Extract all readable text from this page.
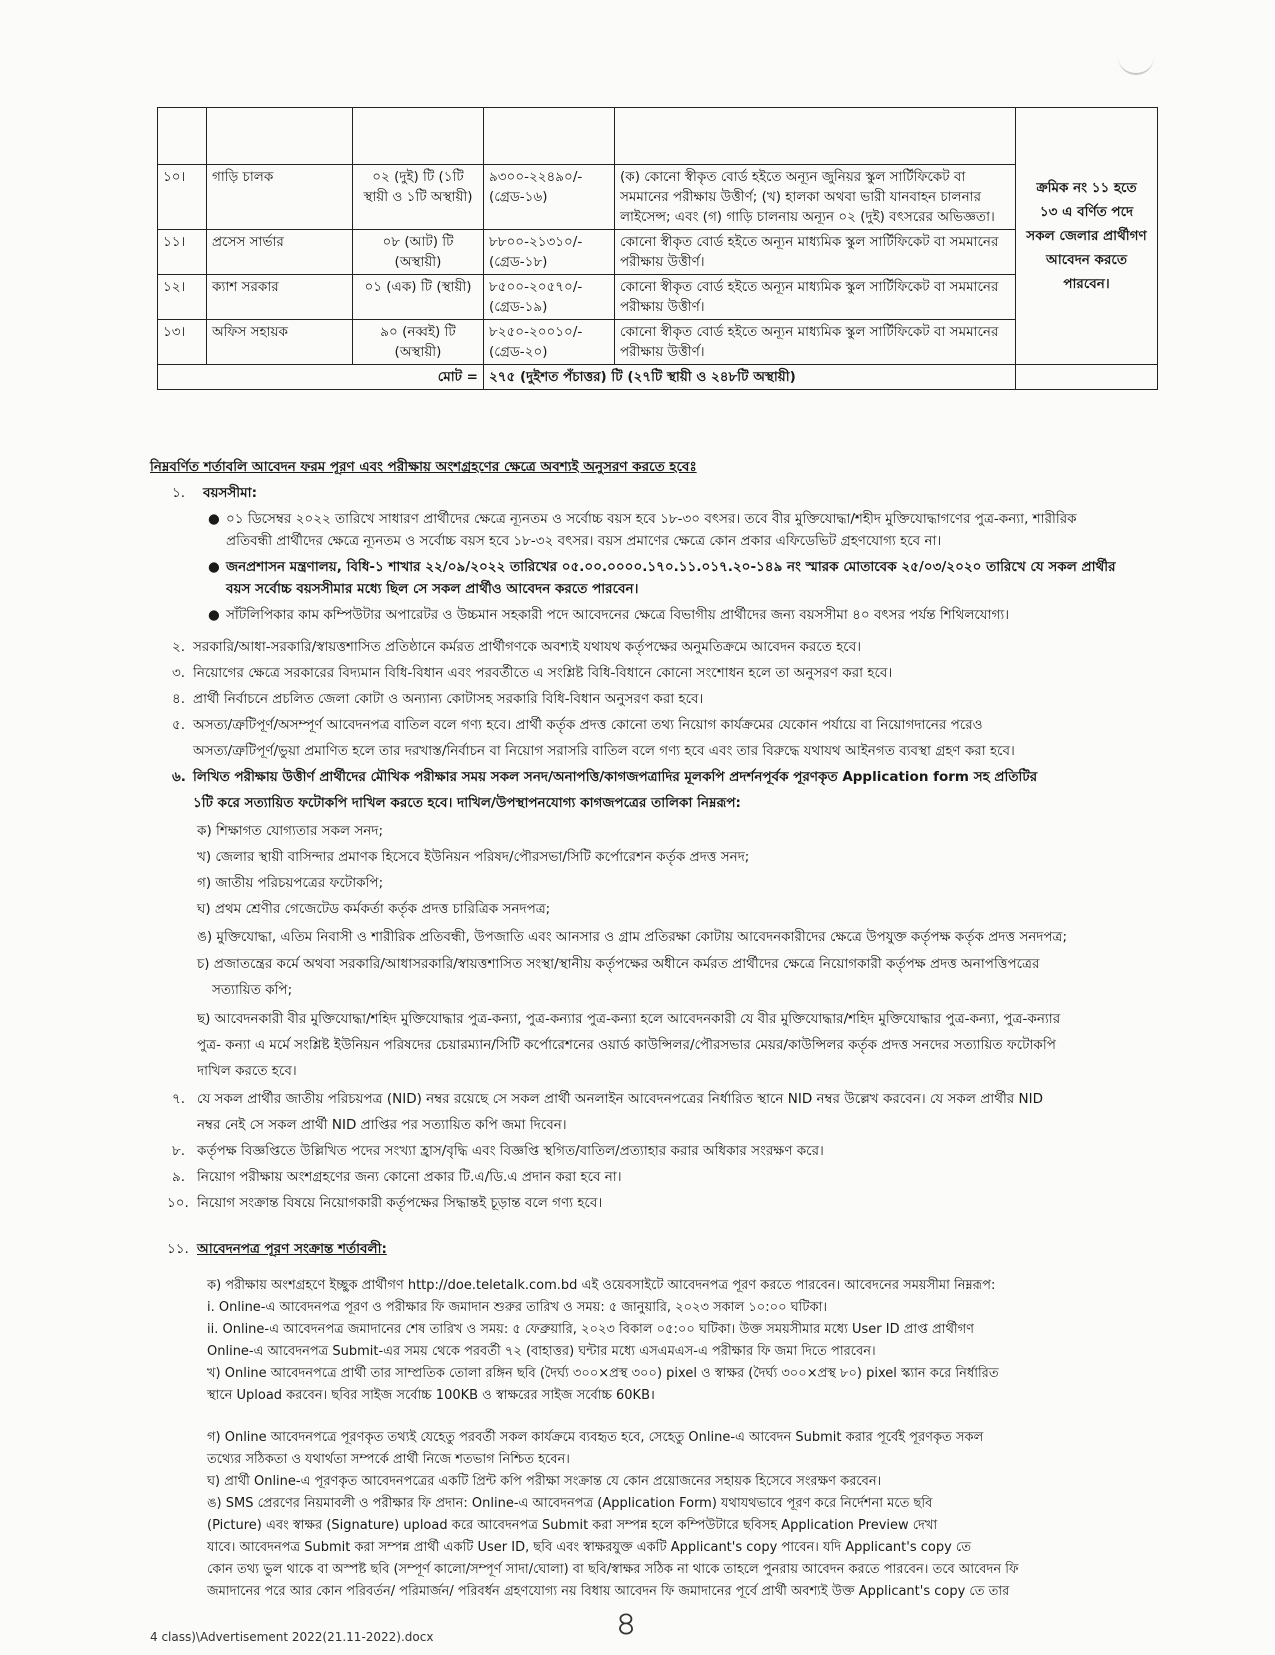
					ক্রমিক নং ১১ হতে ১৩ এ বর্ণিত পদে সকল জেলার প্রার্থীগণ আবেদন করতে পারবেন।
১০।	গাড়ি চালক	০২ (দুই) টি (১টি স্থায়ী ও ১টি অস্থায়ী)	৯৩০০-২২৪৯০/- (গ্রেড-১৬)	(ক) কোনো স্বীকৃত বোর্ড হইতে অন্যূন জুনিয়র স্কুল সার্টিফিকেট বা সমমানের পরীক্ষায় উত্তীর্ণ; (খ) হালকা অথবা ভারী যানবাহন চালনার লাইসেন্স; এবং (গ) গাড়ি চালনায় অন্যূন ০২ (দুই) বৎসরের অভিজ্ঞতা।	
১১।	প্রসেস সার্ভার	০৮ (আট) টি (অস্থায়ী)	৮৮০০-২১৩১০/- (গ্রেড-১৮)	কোনো স্বীকৃত বোর্ড হইতে অন্যূন মাধ্যমিক স্কুল সার্টিফিকেট বা সমমানের পরীক্ষায় উত্তীর্ণ।	
১২।	ক্যাশ সরকার	০১ (এক) টি (স্থায়ী)	৮৫০০-২০৫৭০/- (গ্রেড-১৯)	কোনো স্বীকৃত বোর্ড হইতে অন্যূন মাধ্যমিক স্কুল সার্টিফিকেট বা সমমানের পরীক্ষায় উত্তীর্ণ।	
১৩।	অফিস সহায়ক	৯০ (নব্বই) টি (অস্থায়ী)	৮২৫০-২০০১০/- (গ্রেড-২০)	কোনো স্বীকৃত বোর্ড হইতে অন্যূন মাধ্যমিক স্কুল সার্টিফিকেট বা সমমানের পরীক্ষায় উত্তীর্ণ।	
মোট =			২৭৫ (দুইশত পঁচাত্তর) টি (২৭টি স্থায়ী ও ২৪৮টি অস্থায়ী)		
নিম্নবর্ণিত শর্তাবলি আবেদন ফরম পূরণ এবং পরীক্ষায় অংশগ্রহণের ক্ষেত্রে অবশ্যই অনুসরণ করতে হবেঃ
১. বয়সসীমা:
● ০১ ডিসেম্বর ২০২২ তারিখে সাধারণ প্রার্থীদের ক্ষেত্রে ন্যূনতম ও সর্বোচ্চ বয়স হবে ১৮-৩০ বৎসর। তবে বীর মুক্তিযোদ্ধা/শহীদ মুক্তিযোদ্ধাগণের পুত্র-কন্যা, শারীরিক
প্রতিবন্ধী প্রার্থীদের ক্ষেত্রে ন্যূনতম ও সর্বোচ্চ বয়স হবে ১৮-৩২ বৎসর। বয়স প্রমাণের ক্ষেত্রে কোন প্রকার এফিডেভিট গ্রহণযোগ্য হবে না।
● জনপ্রশাসন মন্ত্রণালয়, বিধি-১ শাখার ২২/০৯/২০২২ তারিখের ০৫.০০.০০০০.১৭০.১১.০১৭.২০-১৪৯ নং স্মারক মোতাবেক ২৫/০৩/২০২০ তারিখে যে সকল প্রার্থীর
বয়স সর্বোচ্চ বয়সসীমার মধ্যে ছিল সে সকল প্রার্থীও আবেদন করতে পারবেন।
● সাঁটলিপিকার কাম কম্পিউটার অপারেটর ও উচ্চমান সহকারী পদে আবেদনের ক্ষেত্রে বিভাগীয় প্রার্থীদের জন্য বয়সসীমা ৪০ বৎসর পর্যন্ত শিথিলযোগ্য।
২. সরকারি/আধা-সরকারি/স্বায়ত্তশাসিত প্রতিষ্ঠানে কর্মরত প্রার্থীগণকে অবশ্যই যথাযথ কর্তৃপক্ষের অনুমতিক্রমে আবেদন করতে হবে।
৩. নিয়োগের ক্ষেত্রে সরকারের বিদ্যমান বিধি-বিধান এবং পরবর্তীতে এ সংশ্লিষ্ট বিধি-বিধানে কোনো সংশোধন হলে তা অনুসরণ করা হবে।
৪. প্রার্থী নির্বাচনে প্রচলিত জেলা কোটা ও অন্যান্য কোটাসহ সরকারি বিধি-বিধান অনুসরণ করা হবে।
৫. অসত্য/ত্রুটিপূর্ণ/অসম্পূর্ণ আবেদনপত্র বাতিল বলে গণ্য হবে। প্রার্থী কর্তৃক প্রদত্ত কোনো তথ্য নিয়োগ কার্যক্রমের যেকোন পর্যায়ে বা নিয়োগদানের পরেও
অসত্য/ত্রুটিপূর্ণ/ভুয়া প্রমাণিত হলে তার দরখাস্ত/নির্বাচন বা নিয়োগ সরাসরি বাতিল বলে গণ্য হবে এবং তার বিরুদ্ধে যথাযথ আইনগত ব্যবস্থা গ্রহণ করা হবে।
৬. লিখিত পরীক্ষায় উত্তীর্ণ প্রার্থীদের মৌখিক পরীক্ষার সময় সকল সনদ/অনাপত্তি/কাগজপত্রাদির মূলকপি প্রদর্শনপূর্বক পূরণকৃত Application form সহ প্রতিটির
১টি করে সত্যায়িত ফটোকপি দাখিল করতে হবে। দাখিল/উপস্থাপনযোগ্য কাগজপত্রের তালিকা নিম্নরূপ:
ক) শিক্ষাগত যোগ্যতার সকল সনদ;
খ) জেলার স্থায়ী বাসিন্দার প্রমাণক হিসেবে ইউনিয়ন পরিষদ/পৌরসভা/সিটি কর্পোরেশন কর্তৃক প্রদত্ত সনদ;
গ) জাতীয় পরিচয়পত্রের ফটোকপি;
ঘ) প্রথম শ্রেণীর গেজেটেড কর্মকর্তা কর্তৃক প্রদত্ত চারিত্রিক সনদপত্র;
ঙ) মুক্তিযোদ্ধা, এতিম নিবাসী ও শারীরিক প্রতিবন্ধী, উপজাতি এবং আনসার ও গ্রাম প্রতিরক্ষা কোটায় আবেদনকারীদের ক্ষেত্রে উপযুক্ত কর্তৃপক্ষ কর্তৃক প্রদত্ত সনদপত্র;
চ) প্রজাতন্ত্রের কর্মে অথবা সরকারি/আধাসরকারি/স্বায়ত্তশাসিত সংস্থা/স্থানীয় কর্তৃপক্ষের অধীনে কর্মরত প্রার্থীদের ক্ষেত্রে নিয়োগকারী কর্তৃপক্ষ প্রদত্ত অনাপত্তিপত্রের
সত্যায়িত কপি;
ছ) আবেদনকারী বীর মুক্তিযোদ্ধা/শহিদ মুক্তিযোদ্ধার পুত্র-কন্যা, পুত্র-কন্যার পুত্র-কন্যা হলে আবেদনকারী যে বীর মুক্তিযোদ্ধার/শহিদ মুক্তিযোদ্ধার পুত্র-কন্যা, পুত্র-কন্যার
পুত্র- কন্যা এ মর্মে সংশ্লিষ্ট ইউনিয়ন পরিষদের চেয়ারম্যান/সিটি কর্পোরেশনের ওয়ার্ড কাউন্সিলর/পৌরসভার মেয়র/কাউন্সিলর কর্তৃক প্রদত্ত সনদের সত্যায়িত ফটোকপি
দাখিল করতে হবে।
৭. যে সকল প্রার্থীর জাতীয় পরিচয়পত্র (NID) নম্বর রয়েছে সে সকল প্রার্থী অনলাইন আবেদনপত্রের নির্ধারিত স্থানে NID নম্বর উল্লেখ করবেন। যে সকল প্রার্থীর NID
নম্বর নেই সে সকল প্রার্থী NID প্রাপ্তির পর সত্যায়িত কপি জমা দিবেন।
৮. কর্তৃপক্ষ বিজ্ঞপ্তিতে উল্লিখিত পদের সংখ্যা হ্রাস/বৃদ্ধি এবং বিজ্ঞপ্তি স্থগিত/বাতিল/প্রত্যাহার করার অধিকার সংরক্ষণ করে।
৯. নিয়োগ পরীক্ষায় অংশগ্রহণের জন্য কোনো প্রকার টি.এ/ডি.এ প্রদান করা হবে না।
১০. নিয়োগ সংক্রান্ত বিষয়ে নিয়োগকারী কর্তৃপক্ষের সিদ্ধান্তই চূড়ান্ত বলে গণ্য হবে।
১১. আবেদনপত্র পূরণ সংক্রান্ত শর্তাবলী:
ক) পরীক্ষায় অংশগ্রহণে ইচ্ছুক প্রার্থীগণ http://doe.teletalk.com.bd এই ওয়েবসাইটে আবেদনপত্র পূরণ করতে পারবেন। আবেদনের সময়সীমা নিম্নরূপ:
i. Online-এ আবেদনপত্র পূরণ ও পরীক্ষার ফি জমাদান শুরুর তারিখ ও সময়: ৫ জানুয়ারি, ২০২৩ সকাল ১০:০০ ঘটিকা।
ii. Online-এ আবেদনপত্র জমাদানের শেষ তারিখ ও সময়: ৫ ফেব্রুয়ারি, ২০২৩ বিকাল ০৫:০০ ঘটিকা। উক্ত সময়সীমার মধ্যে User ID প্রাপ্ত প্রার্থীগণ
Online-এ আবেদনপত্র Submit-এর সময় থেকে পরবর্তী ৭২ (বাহাত্তর) ঘন্টার মধ্যে এসএমএস-এ পরীক্ষার ফি জমা দিতে পারবেন।
খ) Online আবেদনপত্রে প্রার্থী তার সাম্প্রতিক তোলা রঙ্গিন ছবি (দৈর্ঘ্য ৩০০×প্রস্থ ৩০০) pixel ও স্বাক্ষর (দৈর্ঘ্য ৩০০×প্রস্থ ৮০) pixel স্ক্যান করে নির্ধারিত
স্থানে Upload করবেন। ছবির সাইজ সর্বোচ্চ 100KB ও স্বাক্ষরের সাইজ সর্বোচ্চ 60KB।
গ) Online আবেদনপত্রে পূরণকৃত তথ্যই যেহেতু পরবর্তী সকল কার্যক্রমে ব্যবহৃত হবে, সেহেতু Online-এ আবেদন Submit করার পূর্বেই পূরণকৃত সকল
তথ্যের সঠিকতা ও যথার্থতা সম্পর্কে প্রার্থী নিজে শতভাগ নিশ্চিত হবেন।
ঘ) প্রার্থী Online-এ পূরণকৃত আবেদনপত্রের একটি প্রিন্ট কপি পরীক্ষা সংক্রান্ত যে কোন প্রয়োজনের সহায়ক হিসেবে সংরক্ষণ করবেন।
ঙ) SMS প্রেরণের নিয়মাবলী ও পরীক্ষার ফি প্রদান: Online-এ আবেদনপত্র (Application Form) যথাযথভাবে পূরণ করে নির্দেশনা মতে ছবি
(Picture) এবং স্বাক্ষর (Signature) upload করে আবেদনপত্র Submit করা সম্পন্ন হলে কম্পিউটারে ছবিসহ Application Preview দেখা
যাবে। আবেদনপত্র Submit করা সম্পন্ন প্রার্থী একটি User ID, ছবি এবং স্বাক্ষরযুক্ত একটি Applicant's copy পাবেন। যদি Applicant's copy তে
কোন তথ্য ভুল থাকে বা অস্পষ্ট ছবি (সম্পূর্ণ কালো/সম্পূর্ণ সাদা/ঘোলা) বা ছবি/স্বাক্ষর সঠিক না থাকে তাহলে পুনরায় আবেদন করতে পারবেন। তবে আবেদন ফি
জমাদানের পরে আর কোন পরিবর্তন/ পরিমার্জন/ পরিবর্ধন গ্রহণযোগ্য নয় বিধায় আবেদন ফি জমাদানের পূর্বে প্রার্থী অবশ্যই উক্ত Applicant's copy তে তার
৪
4 class)\Advertisement 2022(21.11-2022).docx
